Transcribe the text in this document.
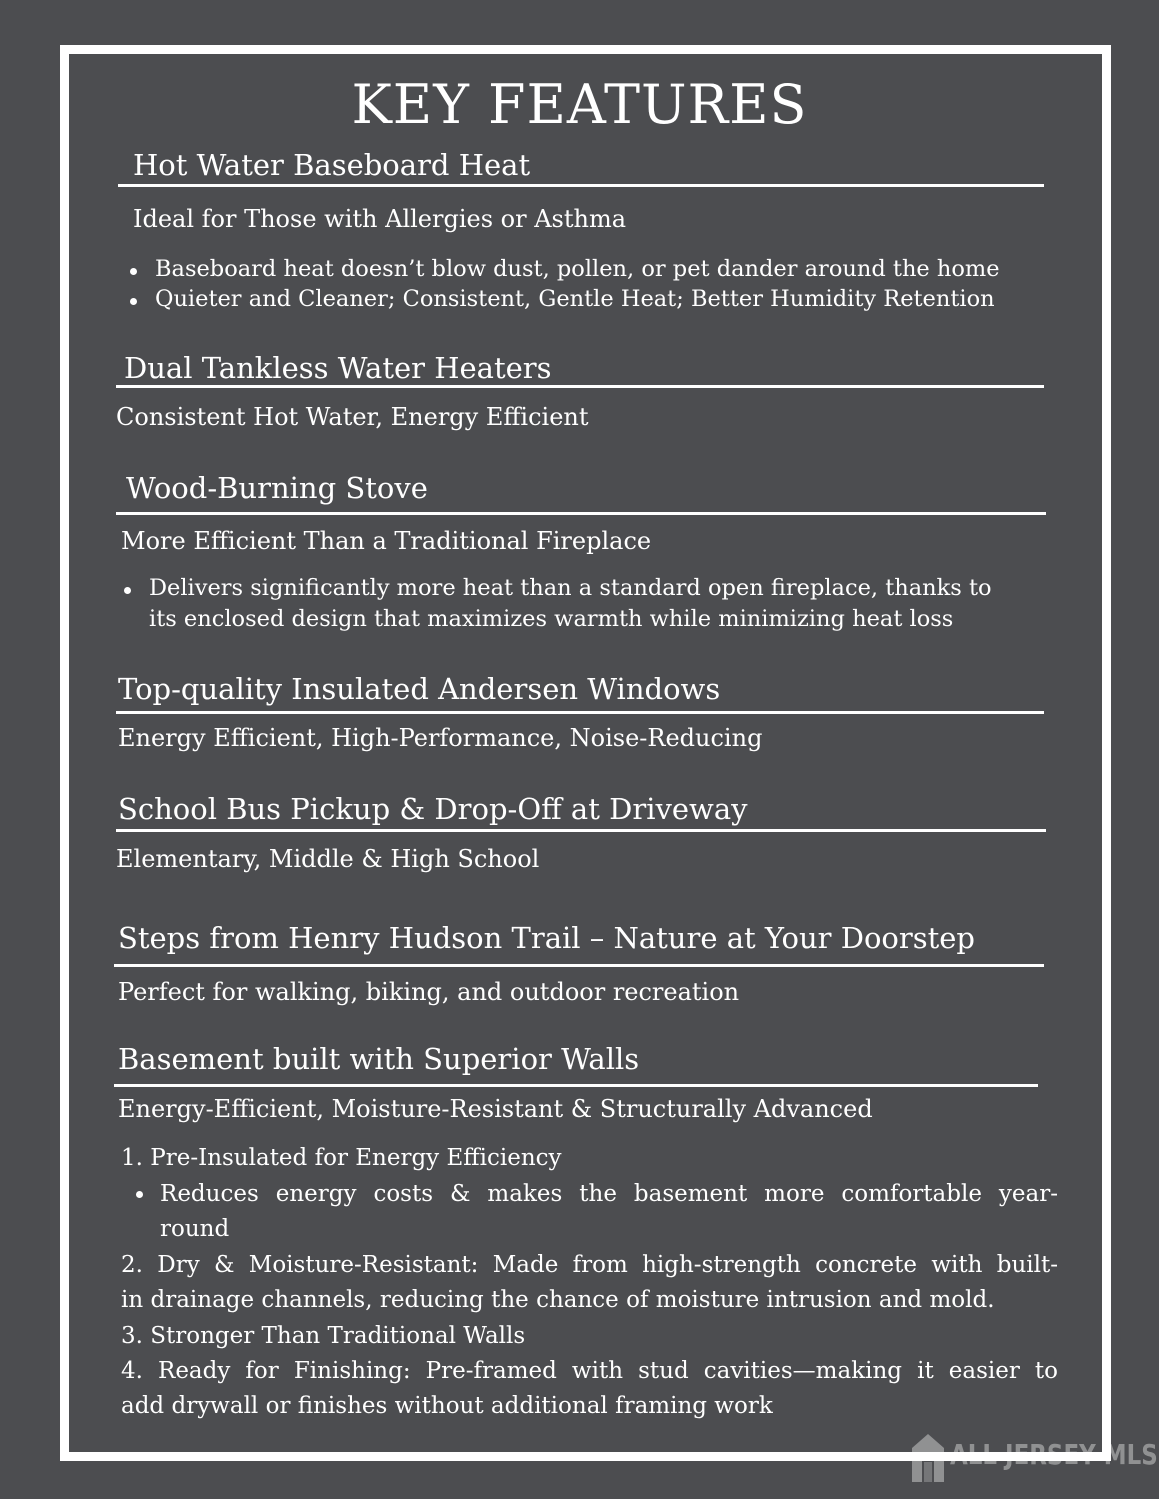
KEY FEATURES
Hot Water Baseboard Heat
Ideal for Those with Allergies or Asthma
Baseboard heat doesn’t blow dust, pollen, or pet dander around the home
Quieter and Cleaner; Consistent, Gentle Heat; Better Humidity Retention
Dual Tankless Water Heaters
Consistent Hot Water, Energy Efficient
Wood-Burning Stove
More Efficient Than a Traditional Fireplace
Delivers significantly more heat than a standard open fireplace, thanks to
its enclosed design that maximizes warmth while minimizing heat loss
Top-quality Insulated Andersen Windows
Energy Efficient, High-Performance, Noise-Reducing
School Bus Pickup & Drop-Off at Driveway
Elementary, Middle & High School
Steps from Henry Hudson Trail – Nature at Your Doorstep
Perfect for walking, biking, and outdoor recreation
Basement built with Superior Walls
Energy-Efficient, Moisture-Resistant & Structurally Advanced
1. Pre-Insulated for Energy Efficiency
Reduces energy costs & makes the basement more comfortable year-
round
2. Dry & Moisture-Resistant: Made from high-strength concrete with built-
in drainage channels, reducing the chance of moisture intrusion and mold.
3. Stronger Than Traditional Walls
4. Ready for Finishing: Pre-framed with stud cavities—making it easier to
add drywall or finishes without additional framing work
ALL JERSEY MLS
